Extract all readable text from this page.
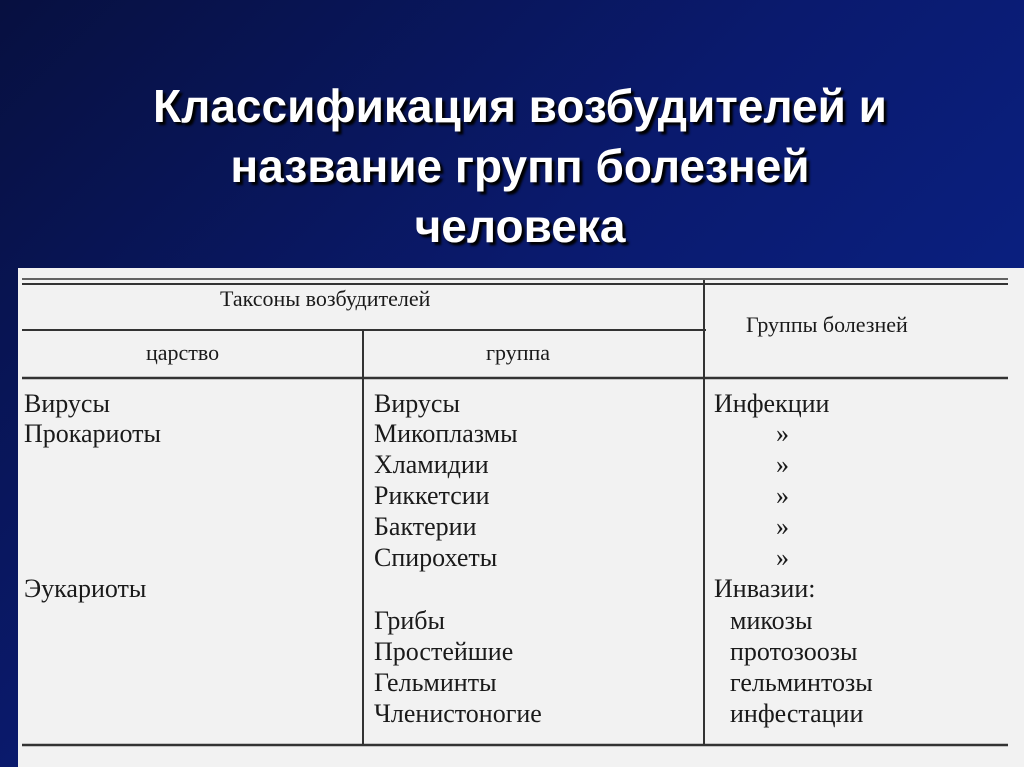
Классификация возбудителей и
название групп болезней
человека
Таксоны возбудителей
царство	группа
Группы болезней
Вирусы
Прокариоты
Эукариоты
Вирусы
Микоплазмы
Хламидии
Риккетсии
Бактерии
Спирохеты
Грибы
Простейшие
Гельминты
Членистоногие
Инфекции
»
»
»
»
»
Инвазии:
микозы
протозоозы
гельминтозы
инфестации
